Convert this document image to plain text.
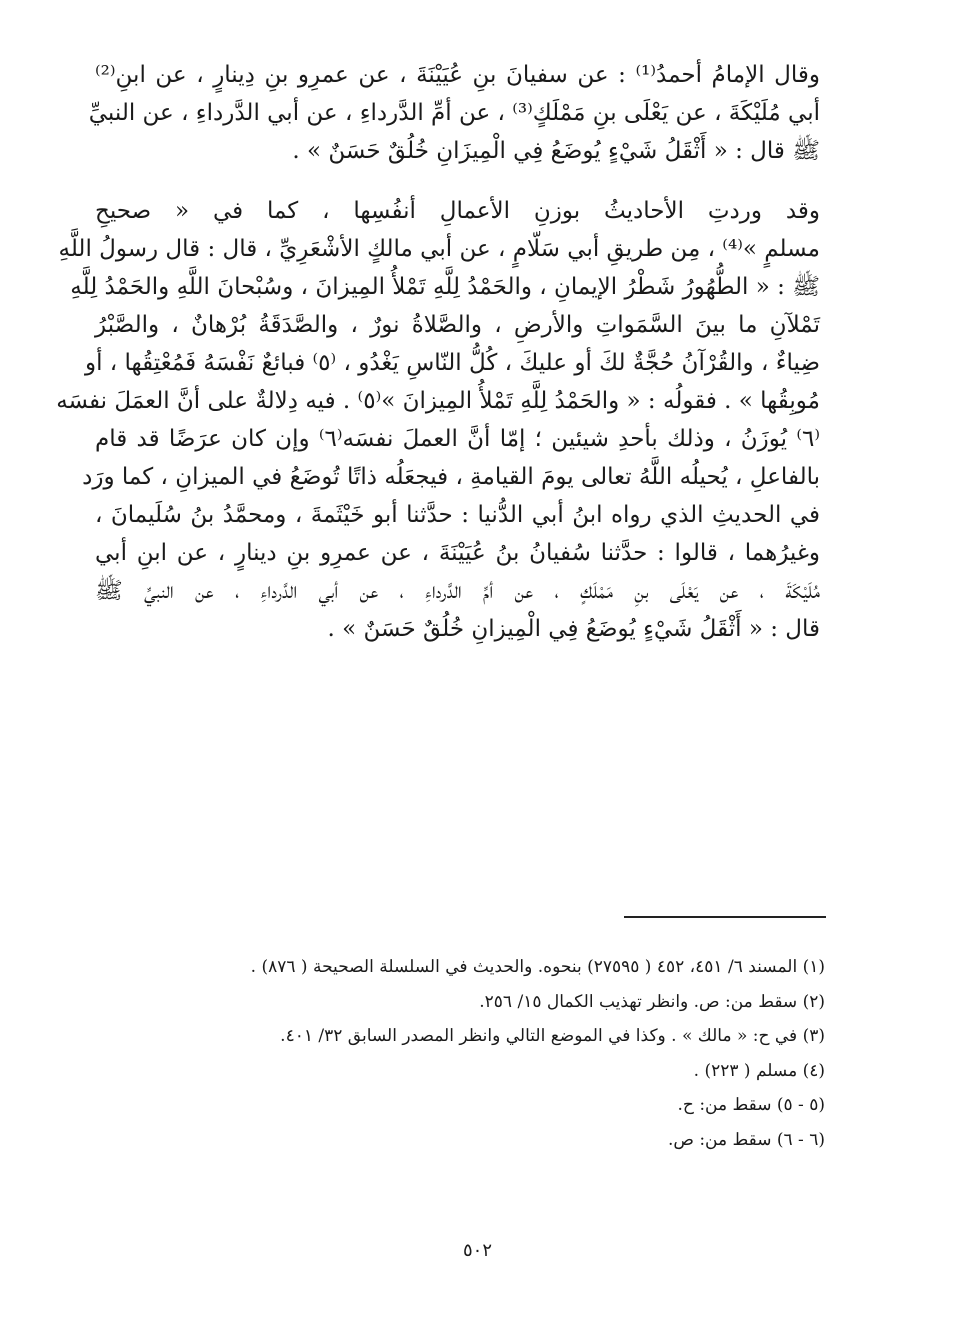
وقال الإمامُ أحمدُ⁽¹⁾ : عن سفيانَ بنِ عُيَيْنَةَ ، عن عمرِو بنِ دِينارٍ ، عن ابنِ⁽²⁾
أبي مُلَيْكَةَ ، عن يَعْلَى بنِ مَمْلَكٍ⁽³⁾ ، عن أمِّ الدَّرداءِ ، عن أبي الدَّرداءِ ، عن النبيِّ
ﷺ قال : « أَثْقَلُ شَيْءٍ يُوضَعُ فِي الْمِيزَانِ خُلُقٌ حَسَنٌ » .
وقد وردتِ الأحاديثُ بوزنِ الأعمالِ أنفُسِها ، كما في « صحيحِ
مسلمٍ »⁽⁴⁾ ، مِن طريقِ أبي سَلّامٍ ، عن أبي مالكٍ الأشْعَرِيِّ ، قال : قال رسولُ اللَّهِ
ﷺ : « الطُّهُورُ شَطْرُ الإيمانِ ، والحَمْدُ لِلَّهِ تَمْلأُ المِيزانَ ، وسُبْحانَ اللَّهِ والحَمْدُ لِلَّهِ
تَمْلآنِ ما بينَ السَّمَواتِ والأرضِ ، والصَّلاةُ نورٌ ، والصَّدَقَةُ بُرْهانٌ ، والصَّبْرُ
ضِياءٌ ، والقُرْآنُ حُجَّةٌ لكَ أو عليكَ ، كُلُّ النّاسِ يَغْدُو ، ⁽٥⁾ فبائعٌ نَفْسَهُ فَمُعْتِقُها ، أو
مُوبِقُها » . فقولُه : « والحَمْدُ لِلَّهِ تَمْلأُ المِيزانَ »⁽٥⁾ . فيه دِلالةٌ على أنَّ العمَلَ نفسَه
⁽٦⁾ يُوزَنُ ، وذلك بأحدِ شيئين ؛ إمّا أنَّ العملَ نفسَه⁽٦⁾ وإن كان عرَضًا قد قام
بالفاعلِ ، يُحيلُه اللَّهُ تعالى يومَ القيامةِ ، فيجعَلُه ذاتًا تُوضَعُ في الميزانِ ، كما ورَد
في الحديثِ الذي رواه ابنُ أبي الدُّنيا : حدَّثنا أبو خَيْثَمةَ ، ومحمَّدُ بنُ سُلَيمانَ ،
وغيرُهما ، قالوا : حدَّثنا سُفيانُ بنُ عُيَيْنَةَ ، عن عمرِو بنِ دينارٍ ، عن ابنِ أبي
مُلَيْكَةَ ، عن يَعْلَى بنِ مَمْلَكٍ ، عن أمِّ الدَّرداءِ ، عن أبي الدَّرداءِ ، عن النبيِّ ﷺ
قال : « أَثْقَلُ شَيْءٍ يُوضَعُ فِي الْمِيزانِ خُلُقٌ حَسَنٌ » .
(١) المسند ٦/ ٤٥١، ٤٥٢ ( ٢٧٥٩٥) بنحوه. والحديث في السلسلة الصحيحة ( ٨٧٦) .
(٢) سقط من: ص. وانظر تهذيب الكمال ١٥/ ٢٥٦.
(٣) في ح: « مالك » . وكذا في الموضع التالي وانظر المصدر السابق ٣٢/ ٤٠١.
(٤) مسلم ( ٢٢٣) .
(٥ - ٥) سقط من: ح.
(٦ - ٦) سقط من: ص.
٥٠٢
